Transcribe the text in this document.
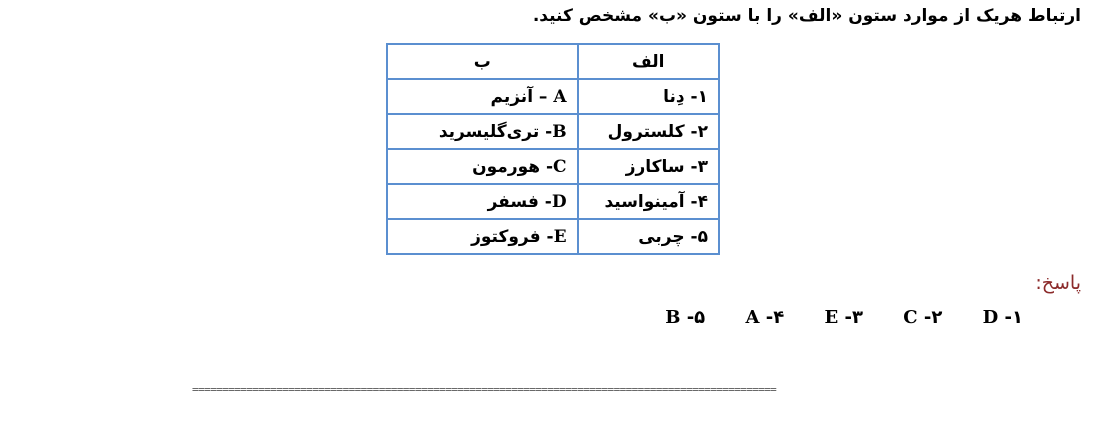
ارتباط هریک از موارد ستون «الف» را با ستون «ب» مشخص کنید.
الف	ب
۱- دِنا	A – آنزیم
۲- کلسترول	B- تری‌گلیسرید
۳- ساکارز	C- هورمون
۴- آمینواسید	D- فسفر
۵- چربی	E- فروکتوز
پاسخ:
۱- D ۲- C ۳- E ۴- A ۵- B
=================================================================================================
